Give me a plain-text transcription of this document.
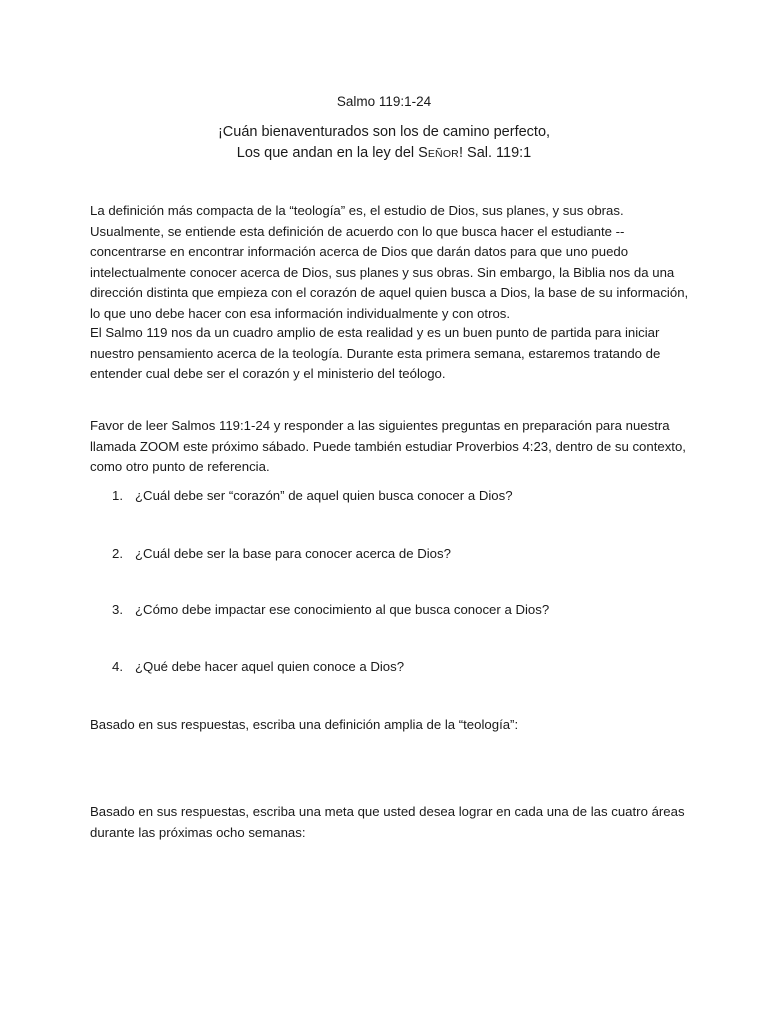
Salmo 119:1-24
¡Cuán bienaventurados son los de camino perfecto,
Los que andan en la ley del SEÑOR! Sal. 119:1

La definición más compacta de la “teología” es, el estudio de Dios, sus planes, y sus obras. Usualmente, se entiende esta definición de acuerdo con lo que busca hacer el estudiante -- concentrarse en encontrar información acerca de Dios que darán datos para que uno puedo intelectualmente conocer acerca de Dios, sus planes y sus obras. Sin embargo, la Biblia nos da una dirección distinta que empieza con el corazón de aquel quien busca a Dios, la base de su información, lo que uno debe hacer con esa información individualmente y con otros.

El Salmo 119 nos da un cuadro amplio de esta realidad y es un buen punto de partida para iniciar nuestro pensamiento acerca de la teología. Durante esta primera semana, estaremos tratando de entender cual debe ser el corazón y el ministerio del teólogo.

Favor de leer Salmos 119:1-24 y responder a las siguientes preguntas en preparación para nuestra llamada ZOOM este próximo sábado. Puede también estudiar Proverbios 4:23, dentro de su contexto, como otro punto de referencia.

1. ¿Cuál debe ser “corazón” de aquel quien busca conocer a Dios?
2. ¿Cuál debe ser la base para conocer acerca de Dios?
3. ¿Cómo debe impactar ese conocimiento al que busca conocer a Dios?
4. ¿Qué debe hacer aquel quien conoce a Dios?

Basado en sus respuestas, escriba una definición amplia de la “teología”:

Basado en sus respuestas, escriba una meta que usted desea lograr en cada una de las cuatro áreas durante las próximas ocho semanas:
